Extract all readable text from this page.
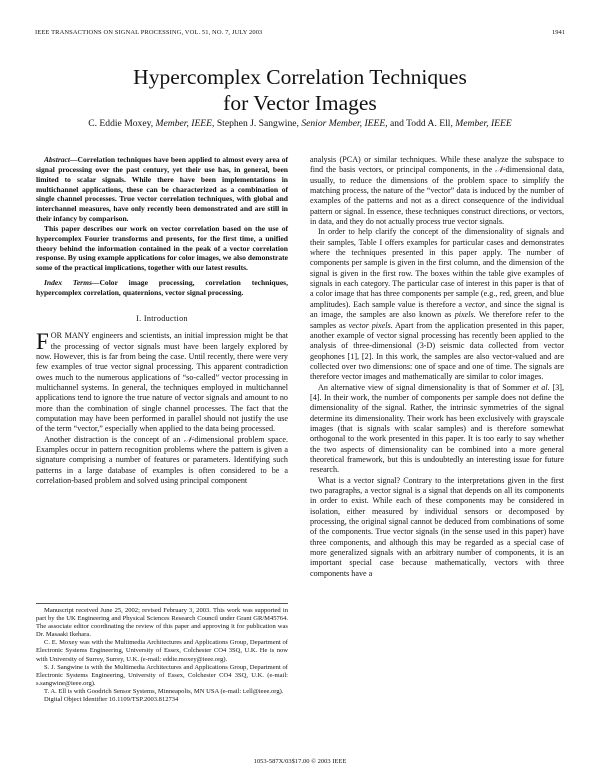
IEEE TRANSACTIONS ON SIGNAL PROCESSING, VOL. 51, NO. 7, JULY 2003	1941
Hypercomplex Correlation Techniques
for Vector Images
C. Eddie Moxey, Member, IEEE, Stephen J. Sangwine, Senior Member, IEEE, and Todd A. Ell, Member, IEEE

Abstract—Correlation techniques have been applied to almost every area of signal processing over the past century, yet their use has, in general, been limited to scalar signals. While there have been implementations in multichannel applications, these can be characterized as a combination of single channel processes. True vector correlation techniques, with global and interchannel measures, have only recently been demonstrated and are still in their infancy by comparison.

This paper describes our work on vector correlation based on the use of hypercomplex Fourier transforms and presents, for the first time, a unified theory behind the information contained in the peak of a vector correlation response. By using example applications for color images, we also demonstrate some of the practical implications, together with our latest results.

Index Terms—Color image processing, correlation techniques, hypercomplex correlation, quaternions, vector signal processing.
I. Introduction

FOR MANY engineers and scientists, an initial impression might be that the processing of vector signals must have been largely explored by now. However, this is far from being the case. Until recently, there were very few examples of true vector signal processing. This apparent contradiction owes much to the numerous applications of “so-called” vector processing in multichannel systems. In general, the techniques employed in multichannel applications tend to ignore the true nature of vector signals and amount to no more than the combination of single channel processes. The fact that the computation may have been performed in parallel should not justify the use of the term “vector,” especially when applied to the data being processed.

Another distraction is the concept of an 𝒩-dimensional problem space. Examples occur in pattern recognition problems where the pattern is given a signature comprising a number of features or parameters. Identifying such patterns in a large database of examples is often considered to be a correlation-based problem and solved using principal component

Manuscript received June 25, 2002; revised February 3, 2003. This work was supported in part by the UK Engineering and Physical Sciences Research Council under Grant GR/M45764. The associate editor coordinating the review of this paper and approving it for publication was Dr. Masaaki Ikehara.

C. E. Moxey was with the Multimedia Architectures and Applications Group, Department of Electronic Systems Engineering, University of Essex, Colchester CO4 3SQ, U.K. He is now with University of Surrey, Surrey, U.K. (e-mail: eddie.moxey@ieee.org).

S. J. Sangwine is with the Multimedia Architectures and Applications Group, Department of Electronic Systems Engineering, University of Essex, Colchester CO4 3SQ, U.K. (e-mail: s.sangwine@ieee.org).

T. A. Ell is with Goodrich Sensor Systems, Minneapolis, MN USA (e-mail: t.ell@ieee.org).

Digital Object Identifier 10.1109/TSP.2003.812734

analysis (PCA) or similar techniques. While these analyze the subspace to find the basis vectors, or principal components, in the 𝒩-dimensional data, usually, to reduce the dimensions of the problem space to simplify the matching process, the nature of the “vector” data is induced by the number of examples of the patterns and not as a direct consequence of the individual pattern or signal. In essence, these techniques construct directions, or vectors, in data, and they do not actually process true vector signals.

In order to help clarify the concept of the dimensionality of signals and their samples, Table I offers examples for particular cases and demonstrates where the techniques presented in this paper apply. The number of components per sample is given in the first column, and the dimension of the signal is given in the first row. The boxes within the table give examples of signals in each category. The particular case of interest in this paper is that of a color image that has three components per sample (e.g., red, green, and blue amplitudes). Each sample value is therefore a vector, and since the signal is an image, the samples are also known as pixels. We therefore refer to the samples as vector pixels. Apart from the application presented in this paper, another example of vector signal processing has recently been applied to the analysis of three-dimensional (3-D) seismic data collected from vector geophones [1], [2]. In this work, the samples are also vector-valued and are collected over two dimensions: one of space and one of time. The signals are therefore vector images and mathematically are similar to color images.

An alternative view of signal dimensionality is that of Sommer et al. [3], [4]. In their work, the number of components per sample does not define the dimensionality of the signal. Rather, the intrinsic symmetries of the signal determine its dimensionality. Their work has been exclusively with grayscale images (that is signals with scalar samples) and is therefore somewhat orthogonal to the work presented in this paper. It is too early to say whether the two aspects of dimensionality can be combined into a more general theoretical framework, but this is undoubtedly an interesting issue for future research.

What is a vector signal? Contrary to the interpretations given in the first two paragraphs, a vector signal is a signal that depends on all its components in order to exist. While each of these components may be considered in isolation, either measured by individual sensors or decomposed by processing, the original signal cannot be deduced from combinations of some of the components. True vector signals (in the sense used in this paper) have three components, and although this may be regarded as a special case of more generalized signals with an arbitrary number of components, it is an important special case because mathematically, vectors with three components have a

1053-587X/03$17.00 © 2003 IEEE
